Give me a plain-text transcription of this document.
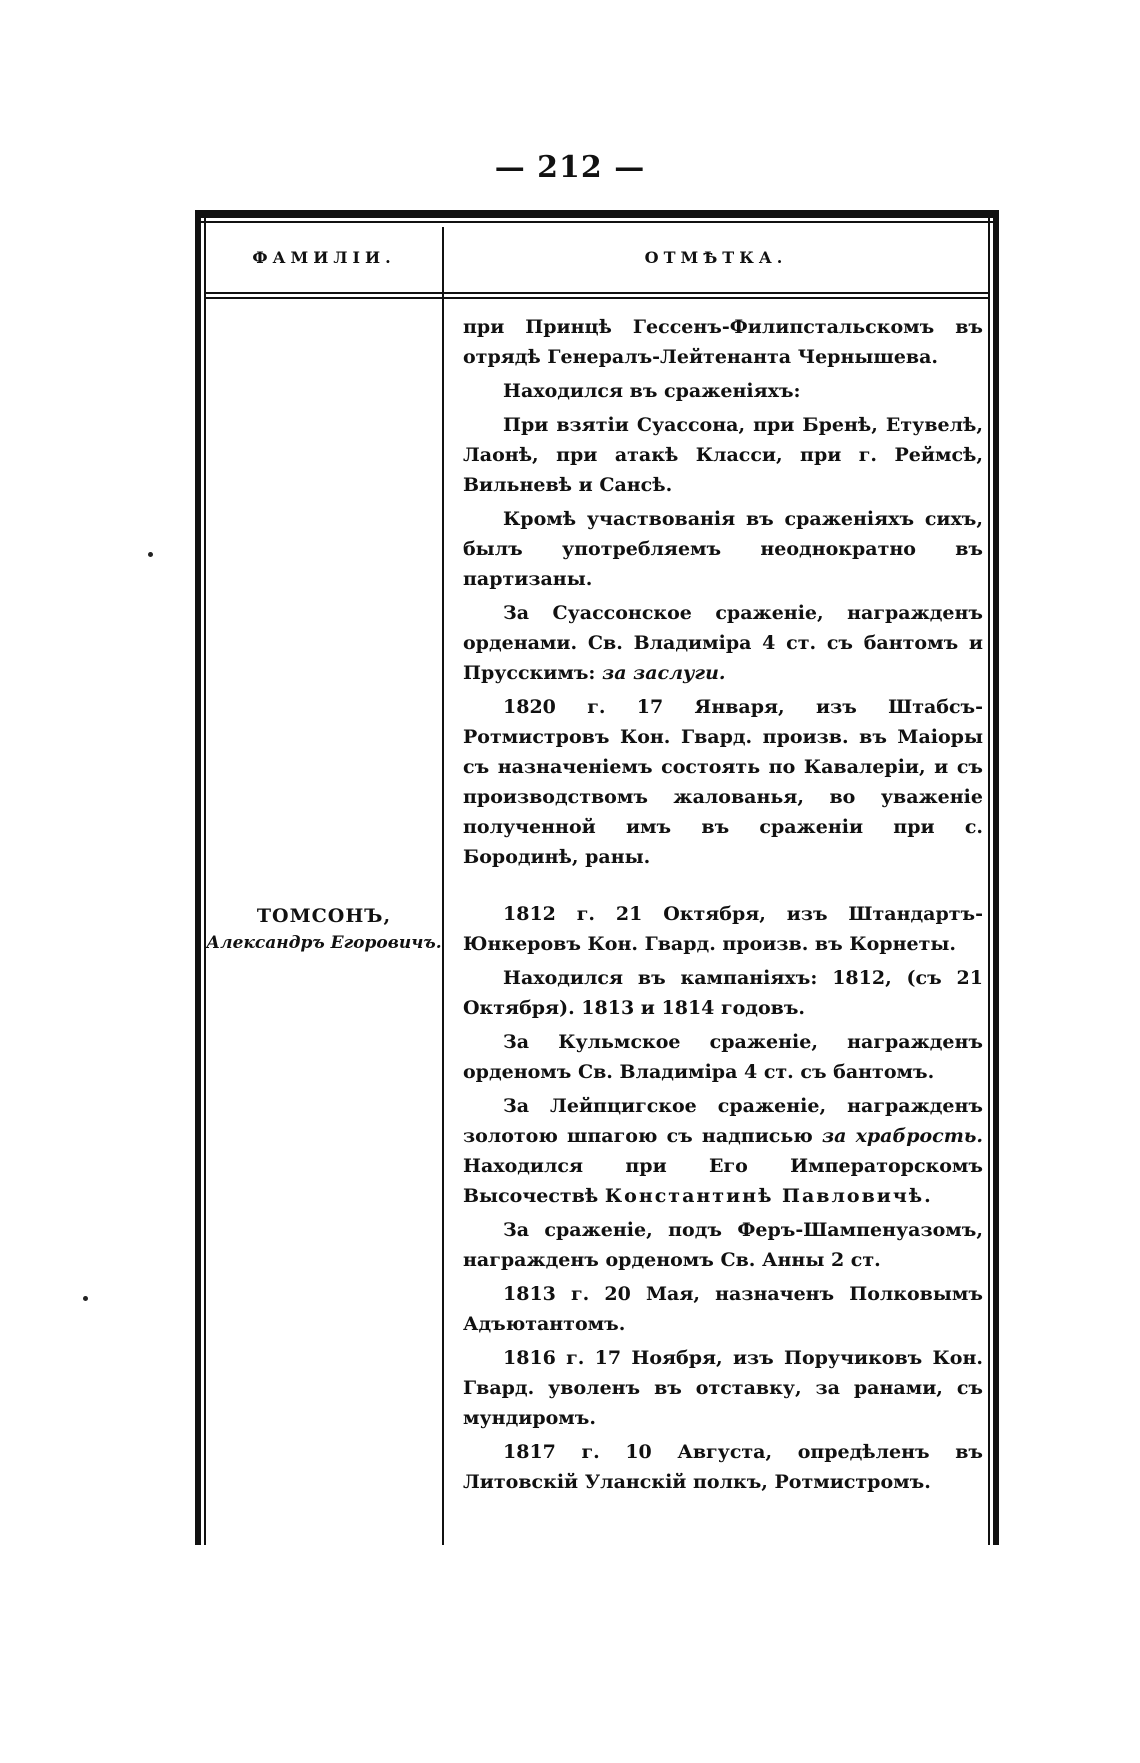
— 212 —
ФАМИЛІИ.	ОТМѢТКА.
ТОМСОНЪ,
Александръ Егоровичъ.

при Принцѣ Гессенъ-Филипстальскомъ въ отрядѣ Генералъ-Лейтенанта Чернышева.

Находился въ сраженіяхъ:

При взятіи Суассона, при Бренѣ, Етувелѣ, Лаонѣ, при атакѣ Класси, при г. Реймсѣ, Вильневѣ и Сансѣ.

Кромѣ участвованія въ сраженіяхъ сихъ, былъ употребляемъ неоднократно въ партизаны.

За Суассонское сраженіе, награжденъ орденами. Св. Владиміра 4 ст. съ бантомъ и Прусскимъ: за заслуги.

1820 г. 17 Января, изъ Штабсъ-Ротмистровъ Кон. Гвард. произв. въ Маіоры съ назначеніемъ состоять по Кавалеріи, и съ производствомъ жалованья, во уваженіе полученной имъ въ сраженіи при с. Бородинѣ, раны.

1812 г. 21 Октября, изъ Штандартъ-Юнкеровъ Кон. Гвард. произв. въ Корнеты.

Находился въ кампаніяхъ: 1812, (съ 21 Октября). 1813 и 1814 годовъ.

За Кульмское сраженіе, награжденъ орденомъ Св. Владиміра 4 ст. съ бантомъ.

За Лейпцигское сраженіе, награжденъ золотою шпагою съ надписью за храбрость. Находился при Его Императорскомъ Высочествѣ Константинѣ Павловичѣ.

За сраженіе, подъ Феръ-Шампенуазомъ, награжденъ орденомъ Св. Анны 2 ст.

1813 г. 20 Мая, назначенъ Полковымъ Адъютантомъ.

1816 г. 17 Ноября, изъ Поручиковъ Кон. Гвард. уволенъ въ отставку, за ранами, съ мундиромъ.

1817 г. 10 Августа, опредѣленъ въ Литовскій Уланскій полкъ, Ротмистромъ.
